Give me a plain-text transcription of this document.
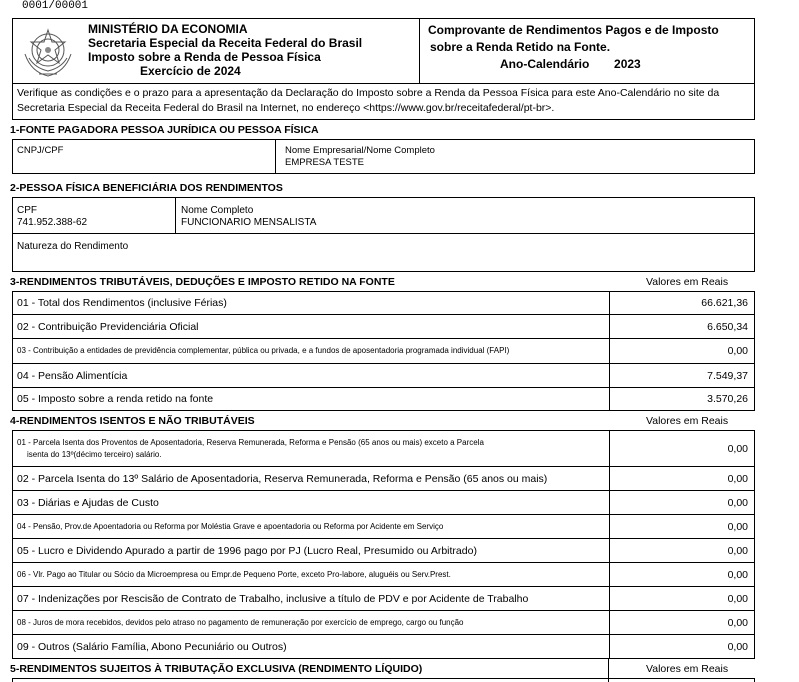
0001/00001
MINISTÉRIO DA ECONOMIA
Secretaria Especial da Receita Federal do Brasil
Imposto sobre a Renda de Pessoa Física
Exercício de 2024
Comprovante de Rendimentos Pagos e de Imposto
sobre a Renda Retido na Fonte.
Ano-Calendário 2023
Verifique as condições e o prazo para a apresentação da Declaração do Imposto sobre a Renda da Pessoa Física para este Ano-Calendário no site da Secretaria Especial da Receita Federal do Brasil na Internet, no endereço <https://www.gov.br/receitafederal/pt-br>.
1-FONTE PAGADORA PESSOA JURÍDICA OU PESSOA FÍSICA
CNPJ/CPF	Nome Empresarial/Nome Completo
EMPRESA TESTE
2-PESSOA FÍSICA BENEFICIÁRIA DOS RENDIMENTOS
CPF
741.952.388-62
Nome Completo
FUNCIONARIO MENSALISTA
Natureza do Rendimento
3-RENDIMENTOS TRIBUTÁVEIS, DEDUÇÕES E IMPOSTO RETIDO NA FONTE	Valores em Reais
01 - Total dos Rendimentos (inclusive Férias)	66.621,36
02 - Contribuição Previdenciária Oficial	6.650,34
03 - Contribuição a entidades de previdência complementar, pública ou privada, e a fundos de aposentadoria programada individual (FAPI)	0,00
04 - Pensão Alimentícia	7.549,37
05 - Imposto sobre a renda retido na fonte	3.570,26
4-RENDIMENTOS ISENTOS E NÃO TRIBUTÁVEIS	Valores em Reais
01 - Parcela Isenta dos Proventos de Aposentadoria, Reserva Remunerada, Reforma e Pensão (65 anos ou mais) exceto a Parcela
isenta do 13º(décimo terceiro) salário.	0,00
02 - Parcela Isenta do 13º Salário de Aposentadoria, Reserva Remunerada, Reforma e Pensão (65 anos ou mais)	0,00
03 - Diárias e Ajudas de Custo	0,00
04 - Pensão, Prov.de Apoentadoria ou Reforma por Moléstia Grave e apoentadoria ou Reforma por Acidente em Serviço	0,00
05 - Lucro e Dividendo Apurado a partir de 1996 pago por PJ (Lucro Real, Presumido ou Arbitrado)	0,00
06 - Vlr. Pago ao Titular ou Sócio da Microempresa ou Empr.de Pequeno Porte, exceto Pro-labore, aluguéis ou Serv.Prest.	0,00
07 - Indenizações por Rescisão de Contrato de Trabalho, inclusive a título de PDV e por Acidente de Trabalho	0,00
08 - Juros de mora recebidos, devidos pelo atraso no pagamento de remuneração por exercício de emprego, cargo ou função	0,00
09 - Outros (Salário Família, Abono Pecuniário ou Outros)	0,00
5-RENDIMENTOS SUJEITOS À TRIBUTAÇÃO EXCLUSIVA (RENDIMENTO LÍQUIDO)	Valores em Reais
